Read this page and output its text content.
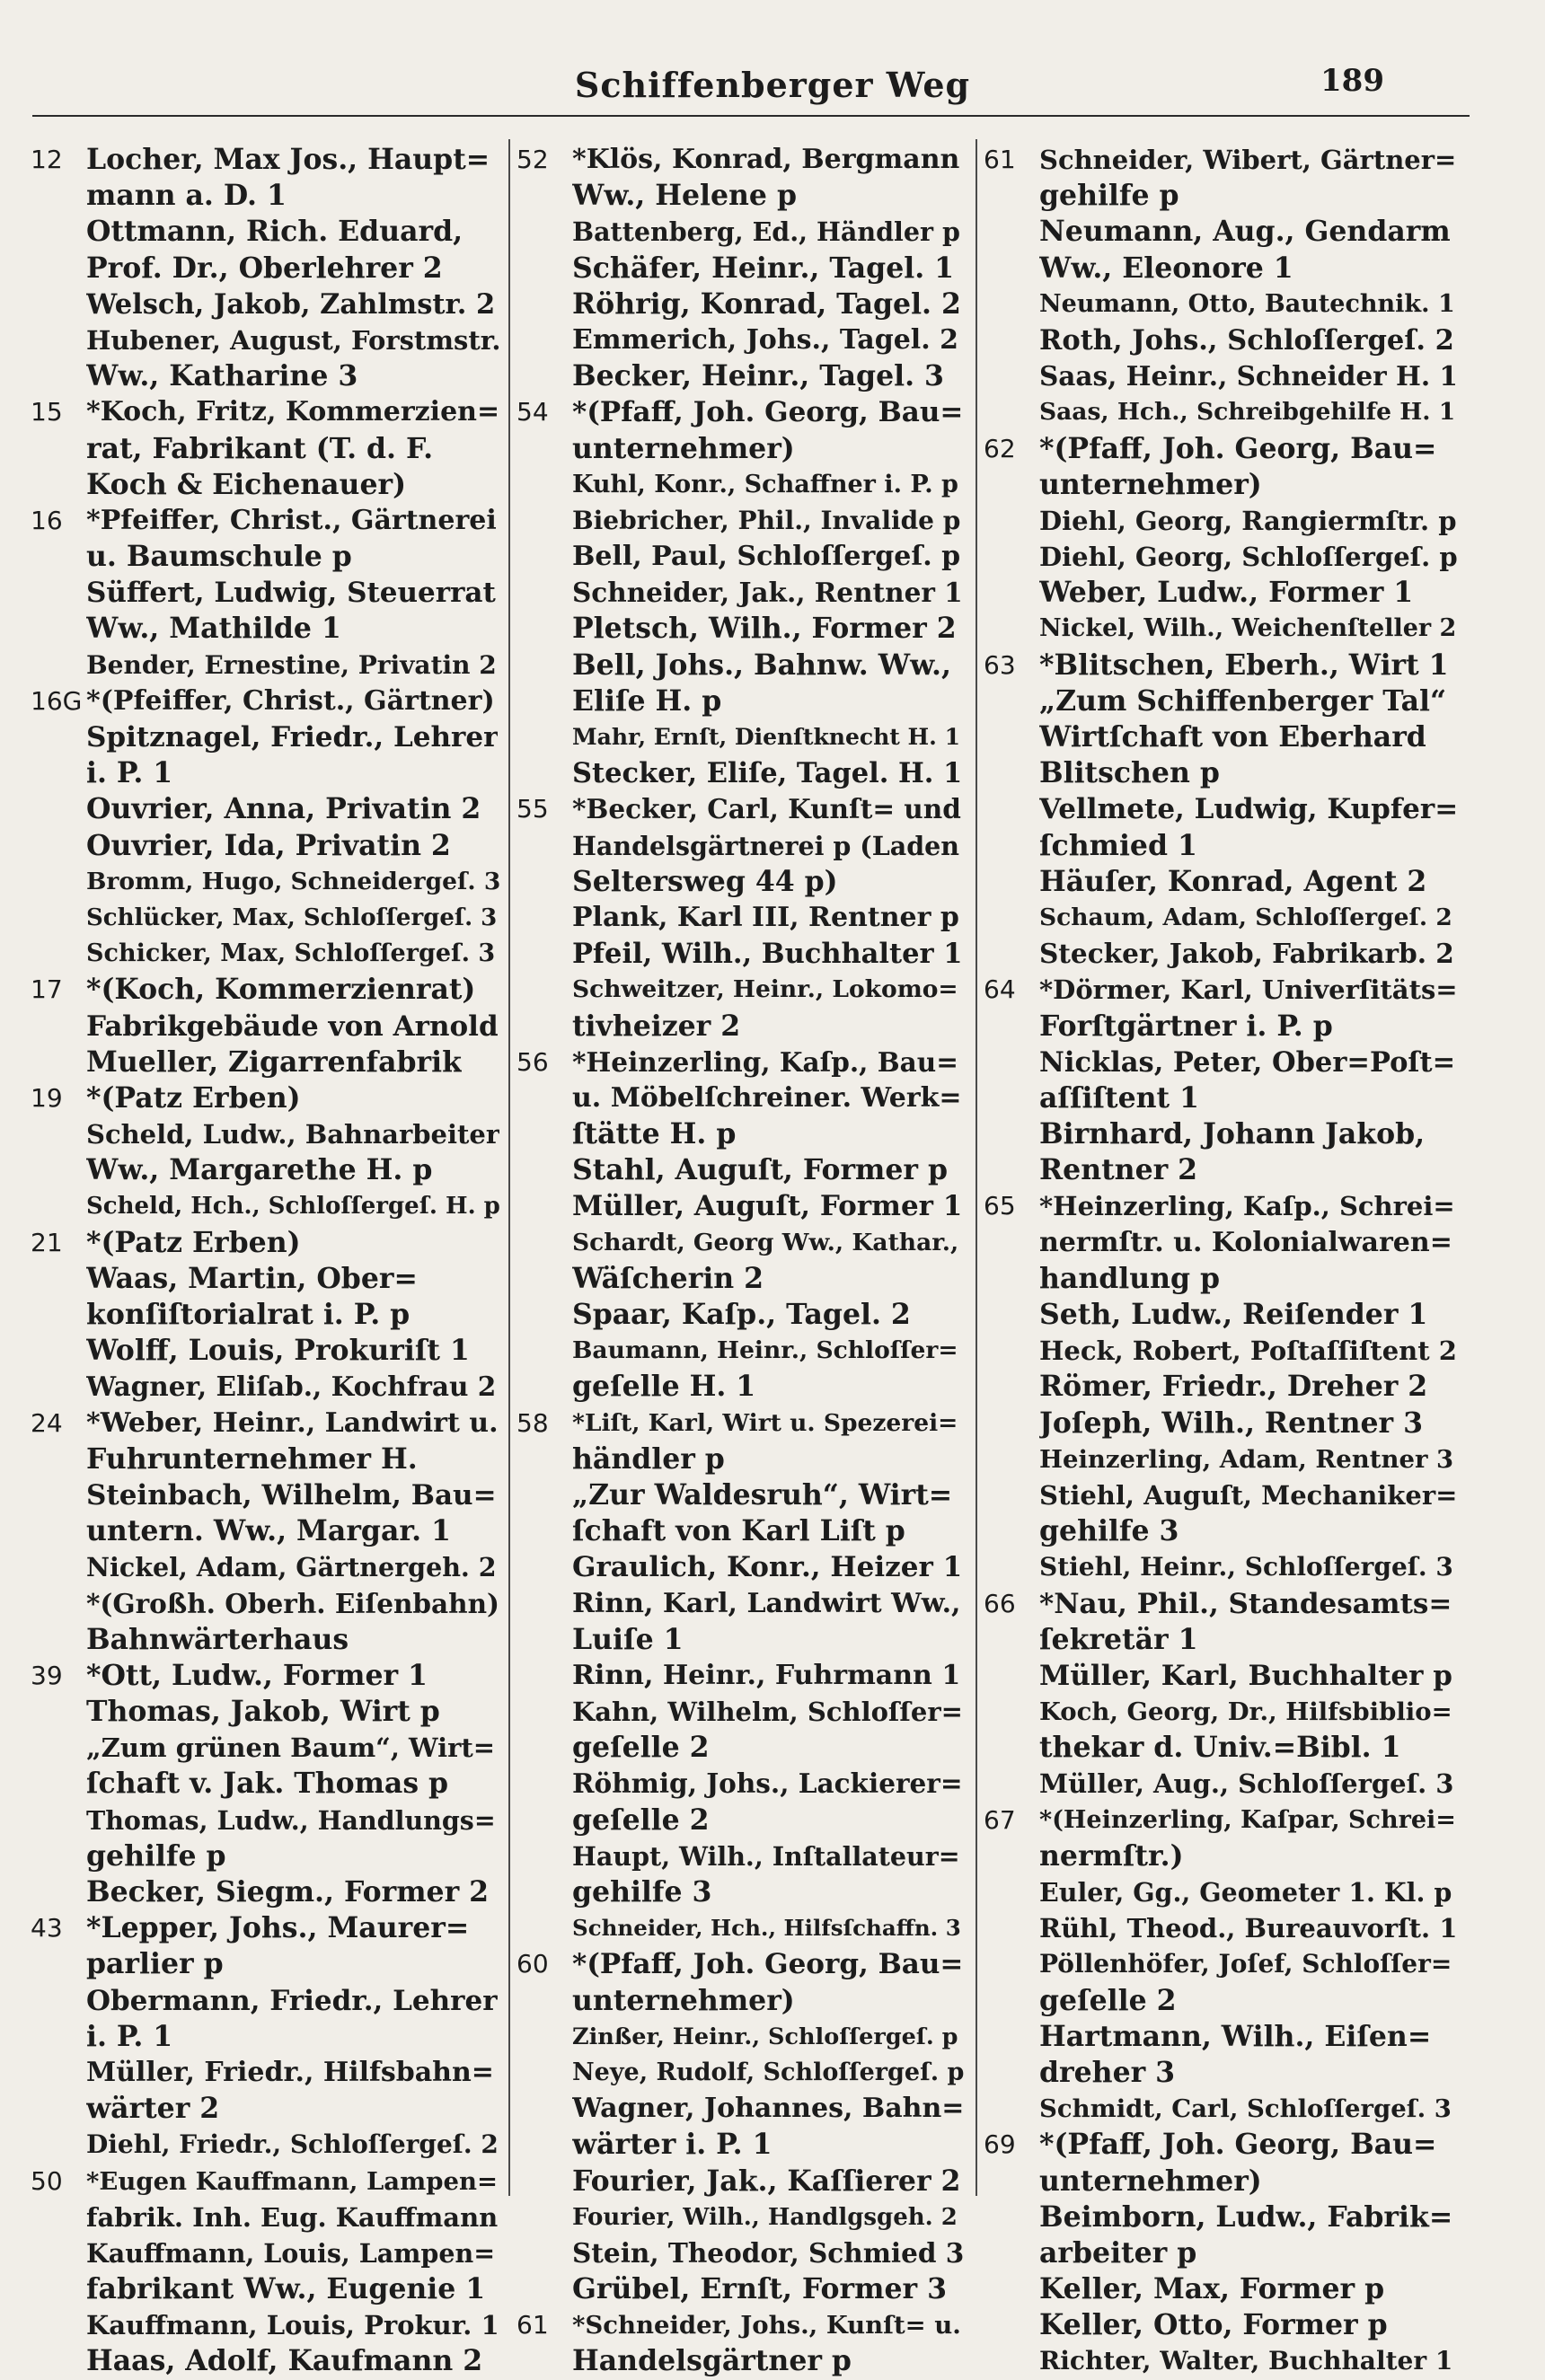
Schiffenberger Weg	189
12 Locher, Max Jos., Haupt=
mann a. D. 1
Ottmann, Rich. Eduard,
Prof. Dr., Oberlehrer 2
Welsch, Jakob, Zahlmstr. 2
Hubener, August, Forstmstr.
Ww., Katharine 3
15 *Koch, Fritz, Kommerzien=
rat, Fabrikant (T. d. F.
Koch & Eichenauer)
16 *Pfeiffer, Christ., Gärtnerei
u. Baumschule p
Süffert, Ludwig, Steuerrat
Ww., Mathilde 1
Bender, Ernestine, Privatin 2
16G *(Pfeiffer, Christ., Gärtner)
Spitznagel, Friedr., Lehrer
i. P. 1
Ouvrier, Anna, Privatin 2
Ouvrier, Ida, Privatin 2
Bromm, Hugo, Schneidergeſ. 3
Schlücker, Max, Schloſſergeſ. 3
Schicker, Max, Schloſſergeſ. 3
17 *(Koch, Kommerzienrat)
Fabrikgebäude von Arnold
Mueller, Zigarrenfabrik
19 *(Patz Erben)
Scheld, Ludw., Bahnarbeiter
Ww., Margarethe H. p
Scheld, Hch., Schloſſergeſ. H. p
21 *(Patz Erben)
Waas, Martin, Ober=
konſiſtorialrat i. P. p
Wolff, Louis, Prokuriſt 1
Wagner, Eliſab., Kochfrau 2
24 *Weber, Heinr., Landwirt u.
Fuhrunternehmer H.
Steinbach, Wilhelm, Bau=
untern. Ww., Margar. 1
Nickel, Adam, Gärtnergeh. 2
*(Großh. Oberh. Eiſenbahn)
Bahnwärterhaus
39 *Ott, Ludw., Former 1
Thomas, Jakob, Wirt p
„Zum grünen Baum“, Wirt=
ſchaft v. Jak. Thomas p
Thomas, Ludw., Handlungs=
gehilfe p
Becker, Siegm., Former 2
43 *Lepper, Johs., Maurer=
parlier p
Obermann, Friedr., Lehrer
i. P. 1
Müller, Friedr., Hilfsbahn=
wärter 2
Diehl, Friedr., Schloſſergeſ. 2
50 *Eugen Kauffmann, Lampen=
fabrik. Inh. Eug. Kauffmann
Kauffmann, Louis, Lampen=
fabrikant Ww., Eugenie 1
Kauffmann, Louis, Prokur. 1
Haas, Adolf, Kaufmann 2
52 *Klös, Konrad, Bergmann
Ww., Helene p
Battenberg, Ed., Händler p
Schäfer, Heinr., Tagel. 1
Röhrig, Konrad, Tagel. 2
Emmerich, Johs., Tagel. 2
Becker, Heinr., Tagel. 3
54 *(Pfaff, Joh. Georg, Bau=
unternehmer)
Kuhl, Konr., Schaffner i. P. p
Biebricher, Phil., Invalide p
Bell, Paul, Schloſſergeſ. p
Schneider, Jak., Rentner 1
Pletsch, Wilh., Former 2
Bell, Johs., Bahnw. Ww.,
Eliſe H. p
Mahr, Ernſt, Dienſtknecht H. 1
Stecker, Eliſe, Tagel. H. 1
55 *Becker, Carl, Kunſt= und
Handelsgärtnerei p (Laden
Seltersweg 44 p)
Plank, Karl III, Rentner p
Pfeil, Wilh., Buchhalter 1
Schweitzer, Heinr., Lokomo=
tivheizer 2
56 *Heinzerling, Kaſp., Bau=
u. Möbelſchreiner. Werk=
ſtätte H. p
Stahl, Auguſt, Former p
Müller, Auguſt, Former 1
Schardt, Georg Ww., Kathar.,
Wäſcherin 2
Spaar, Kaſp., Tagel. 2
Baumann, Heinr., Schloſſer=
geſelle H. 1
58 *Liſt, Karl, Wirt u. Spezerei=
händler p
„Zur Waldesruh“, Wirt=
ſchaft von Karl Liſt p
Graulich, Konr., Heizer 1
Rinn, Karl, Landwirt Ww.,
Luiſe 1
Rinn, Heinr., Fuhrmann 1
Kahn, Wilhelm, Schloſſer=
geſelle 2
Röhmig, Johs., Lackierer=
geſelle 2
Haupt, Wilh., Inſtallateur=
gehilfe 3
Schneider, Hch., Hilfsſchaffn. 3
60 *(Pfaff, Joh. Georg, Bau=
unternehmer)
Zinßer, Heinr., Schloſſergeſ. p
Neye, Rudolf, Schloſſergeſ. p
Wagner, Johannes, Bahn=
wärter i. P. 1
Fourier, Jak., Kaſſierer 2
Fourier, Wilh., Handlgsgeh. 2
Stein, Theodor, Schmied 3
Grübel, Ernſt, Former 3
61 *Schneider, Johs., Kunſt= u.
Handelsgärtner p
61 Schneider, Wibert, Gärtner=
gehilfe p
Neumann, Aug., Gendarm
Ww., Eleonore 1
Neumann, Otto, Bautechnik. 1
Roth, Johs., Schloſſergeſ. 2
Saas, Heinr., Schneider H. 1
Saas, Hch., Schreibgehilfe H. 1
62 *(Pfaff, Joh. Georg, Bau=
unternehmer)
Diehl, Georg, Rangiermſtr. p
Diehl, Georg, Schloſſergeſ. p
Weber, Ludw., Former 1
Nickel, Wilh., Weichenſteller 2
63 *Blitschen, Eberh., Wirt 1
„Zum Schiffenberger Tal“
Wirtſchaft von Eberhard
Blitschen p
Vellmete, Ludwig, Kupfer=
ſchmied 1
Häuſer, Konrad, Agent 2
Schaum, Adam, Schloſſergeſ. 2
Stecker, Jakob, Fabrikarb. 2
64 *Dörmer, Karl, Univerſitäts=
Forſtgärtner i. P. p
Nicklas, Peter, Ober=Poſt=
aſſiſtent 1
Birnhard, Johann Jakob,
Rentner 2
65 *Heinzerling, Kaſp., Schrei=
nermſtr. u. Kolonialwaren=
handlung p
Seth, Ludw., Reiſender 1
Heck, Robert, Poſtaſſiſtent 2
Römer, Friedr., Dreher 2
Joſeph, Wilh., Rentner 3
Heinzerling, Adam, Rentner 3
Stiehl, Auguſt, Mechaniker=
gehilfe 3
Stiehl, Heinr., Schloſſergeſ. 3
66 *Nau, Phil., Standesamts=
ſekretär 1
Müller, Karl, Buchhalter p
Koch, Georg, Dr., Hilfsbiblio=
thekar d. Univ.=Bibl. 1
Müller, Aug., Schloſſergeſ. 3
67 *(Heinzerling, Kaſpar, Schrei=
nermſtr.)
Euler, Gg., Geometer 1. Kl. p
Rühl, Theod., Bureauvorſt. 1
Pöllenhöfer, Joſef, Schloſſer=
geſelle 2
Hartmann, Wilh., Eiſen=
dreher 3
Schmidt, Carl, Schloſſergeſ. 3
69 *(Pfaff, Joh. Georg, Bau=
unternehmer)
Beimborn, Ludw., Fabrik=
arbeiter p
Keller, Max, Former p
Keller, Otto, Former p
Richter, Walter, Buchhalter 1
